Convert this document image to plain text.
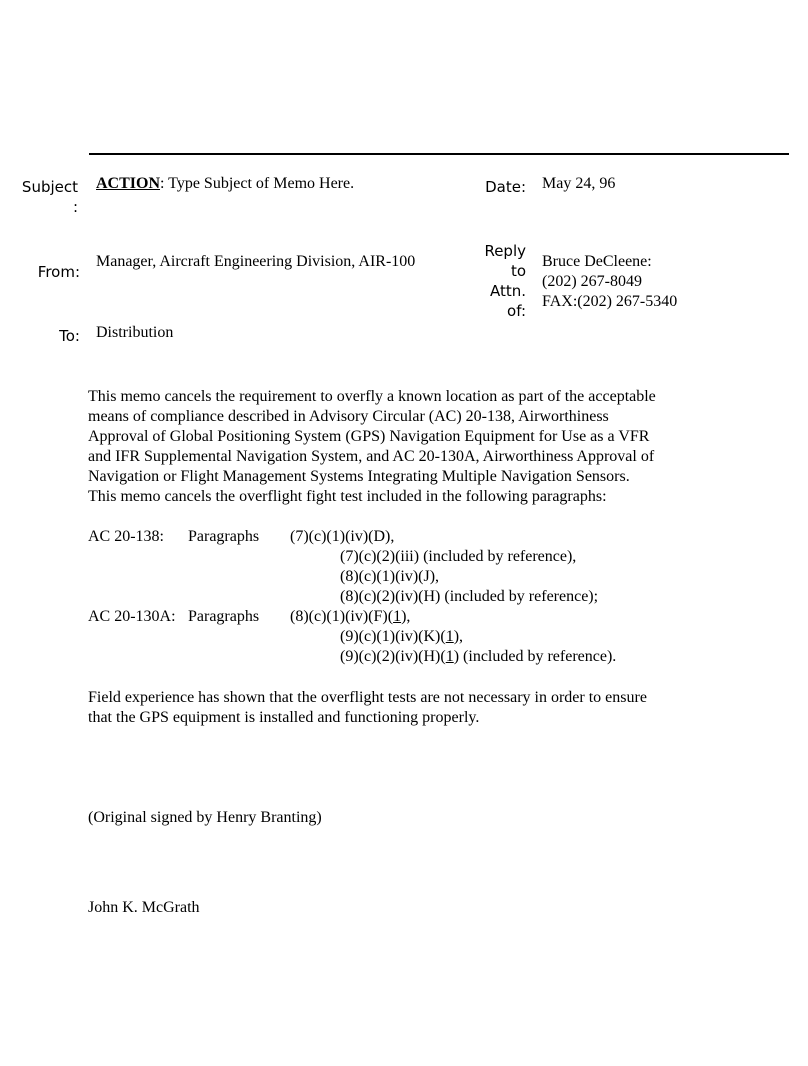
Subject
:
ACTION: Type Subject of Memo Here.	Date: May 24, 96
From:
Manager, Aircraft Engineering Division, AIR-100
Reply
to
Attn.
of:
Bruce DeCleene:
(202) 267-8049
FAX:(202) 267-5340
To: Distribution
This memo cancels the requirement to overfly a known location as part of the acceptable
means of compliance described in Advisory Circular (AC) 20-138, Airworthiness
Approval of Global Positioning System (GPS) Navigation Equipment for Use as a VFR
and IFR Supplemental Navigation System, and AC 20-130A, Airworthiness Approval of
Navigation or Flight Management Systems Integrating Multiple Navigation Sensors.
This memo cancels the overflight fight test included in the following paragraphs:
AC 20-138: Paragraphs (7)(c)(1)(iv)(D),
(7)(c)(2)(iii) (included by reference),
(8)(c)(1)(iv)(J),
(8)(c)(2)(iv)(H) (included by reference);
AC 20-130A: Paragraphs (8)(c)(1)(iv)(F)(1),
(9)(c)(1)(iv)(K)(1),
(9)(c)(2)(iv)(H)(1) (included by reference).
Field experience has shown that the overflight tests are not necessary in order to ensure
that the GPS equipment is installed and functioning properly.
(Original signed by Henry Branting)
John K. McGrath
